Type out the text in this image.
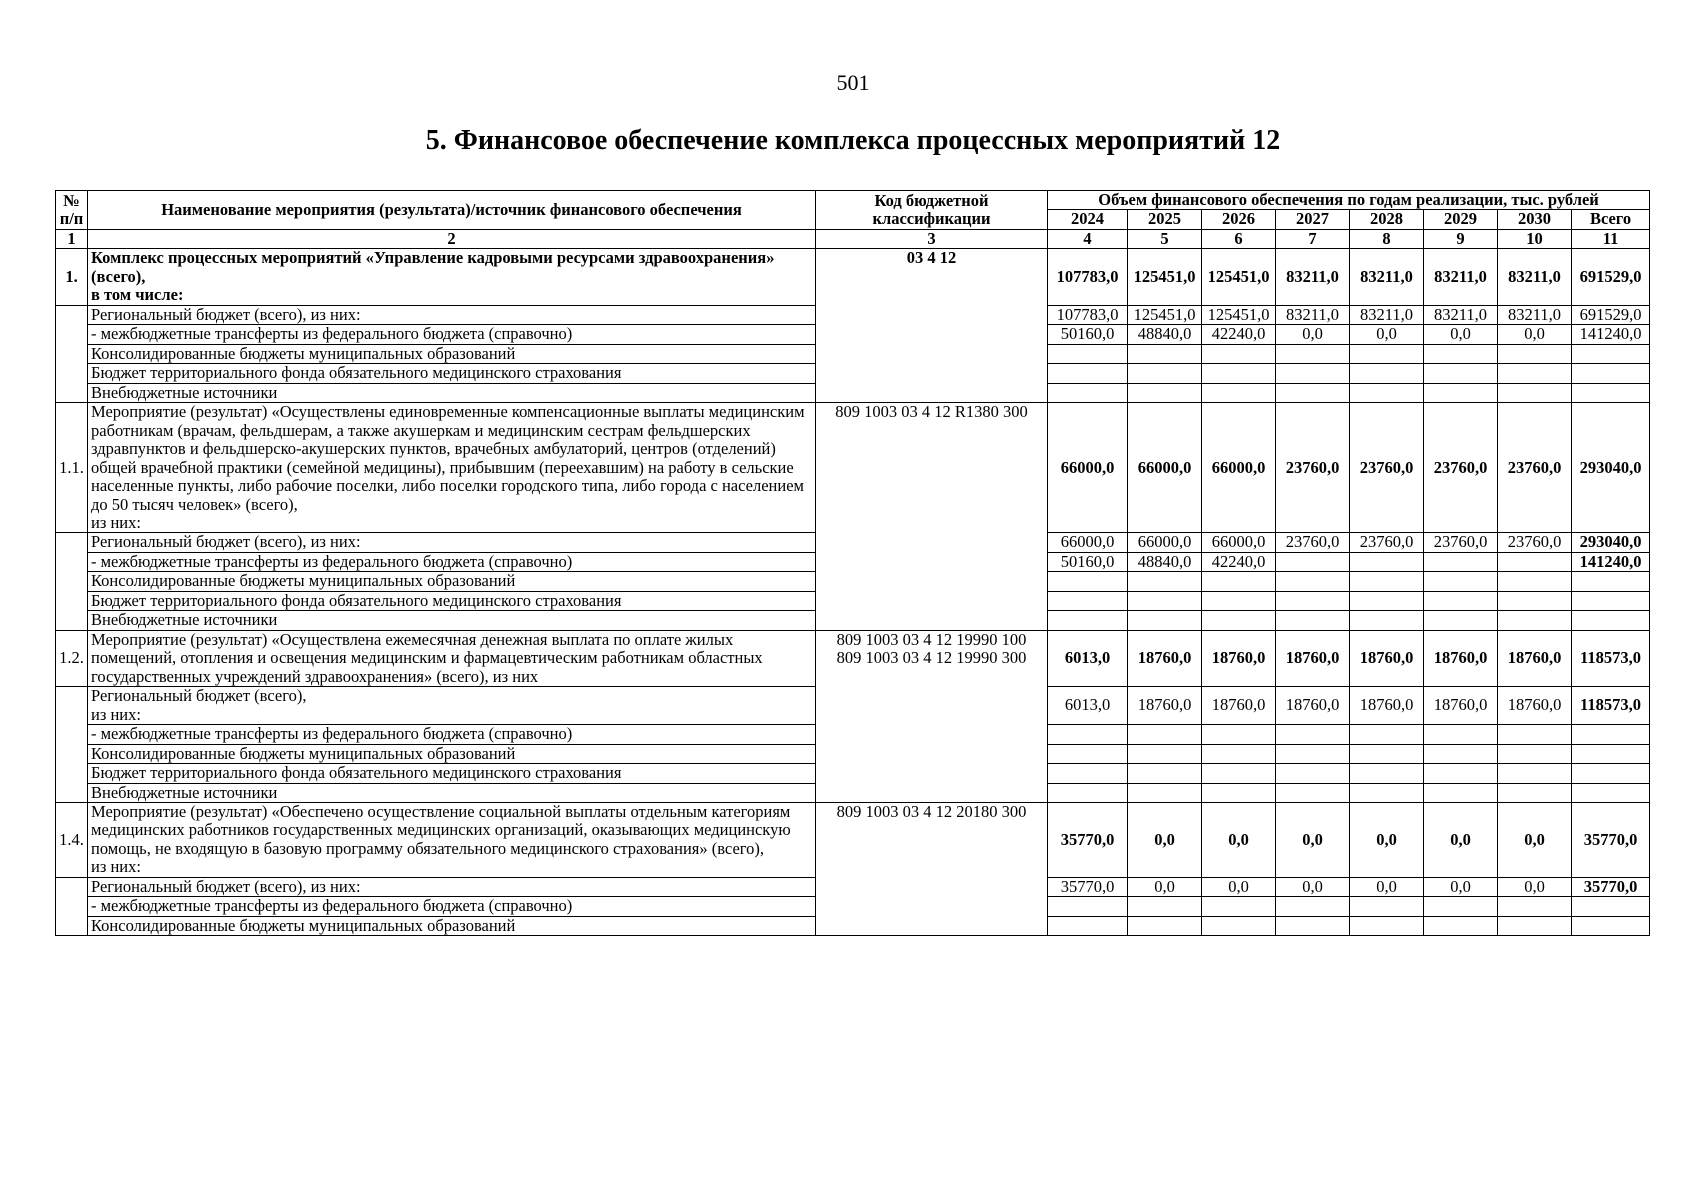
501
5. Финансовое обеспечение комплекса процессных мероприятий 12
№ п/п	Наименование мероприятия (результата)/источник финансового обеспечения	Код бюджетной классификации	Объем финансового обеспечения по годам реализации, тыс. рублей							
			2024	2025	2026	2027	2028	2029	2030	Всего
1	2	3	4	5	6	7	8	9	10	11
1.	Комплекс процессных мероприятий «Управление кадровыми ресурсами здравоохранения» (всего),
в том числе:	03 4 12	107783,0	125451,0	125451,0	83211,0	83211,0	83211,0	83211,0	691529,0
	Региональный бюджет (всего), из них:		107783,0	125451,0	125451,0	83211,0	83211,0	83211,0	83211,0	691529,0
	- межбюджетные трансферты из федерального бюджета (справочно)		50160,0	48840,0	42240,0	0,0	0,0	0,0	0,0	141240,0
	Консолидированные бюджеты муниципальных образований									
	Бюджет территориального фонда обязательного медицинского страхования									
	Внебюджетные источники									
1.1.	Мероприятие (результат) «Осуществлены единовременные компенсационные выплаты медицинским работникам (врачам, фельдшерам, а также акушеркам и медицинским сестрам фельдшерских здравпунктов и фельдшерско-акушерских пунктов, врачебных амбулаторий, центров (отделений) общей врачебной практики (семейной медицины), прибывшим (переехавшим) на работу в сельские населенные пункты, либо рабочие поселки, либо поселки городского типа, либо города с населением до 50 тысяч человек» (всего),
из них:	809 1003 03 4 12 R1380 300	66000,0	66000,0	66000,0	23760,0	23760,0	23760,0	23760,0	293040,0
	Региональный бюджет (всего), из них:		66000,0	66000,0	66000,0	23760,0	23760,0	23760,0	23760,0	293040,0
	- межбюджетные трансферты из федерального бюджета (справочно)		50160,0	48840,0	42240,0					141240,0
	Консолидированные бюджеты муниципальных образований									
	Бюджет территориального фонда обязательного медицинского страхования									
	Внебюджетные источники									
1.2.	Мероприятие (результат) «Осуществлена ежемесячная денежная выплата по оплате жилых помещений, отопления и освещения медицинским и фармацевтическим работникам областных государственных учреждений здравоохранения» (всего), из них	809 1003 03 4 12 19990 100
809 1003 03 4 12 19990 300	6013,0	18760,0	18760,0	18760,0	18760,0	18760,0	18760,0	118573,0
	Региональный бюджет (всего),
из них:		6013,0	18760,0	18760,0	18760,0	18760,0	18760,0	18760,0	118573,0
	- межбюджетные трансферты из федерального бюджета (справочно)									
	Консолидированные бюджеты муниципальных образований									
	Бюджет территориального фонда обязательного медицинского страхования									
	Внебюджетные источники									
1.4.	Мероприятие (результат) «Обеспечено осуществление социальной выплаты отдельным категориям медицинских работников государственных медицинских организаций, оказывающих медицинскую помощь, не входящую в базовую программу обязательного медицинского страхования» (всего),
из них:	809 1003 03 4 12 20180 300	35770,0	0,0	0,0	0,0	0,0	0,0	0,0	35770,0
	Региональный бюджет (всего), из них:		35770,0	0,0	0,0	0,0	0,0	0,0	0,0	35770,0
	- межбюджетные трансферты из федерального бюджета (справочно)									
	Консолидированные бюджеты муниципальных образований									
